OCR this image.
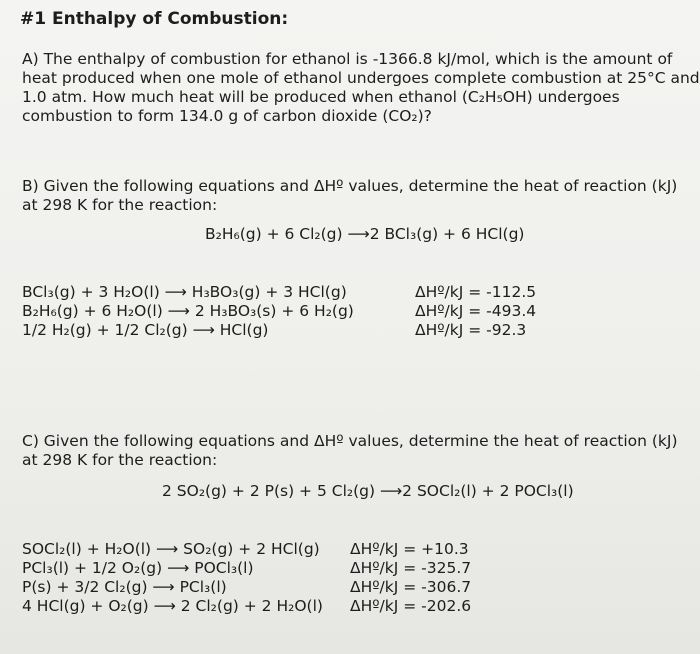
#1 Enthalpy of Combustion:
A) The enthalpy of combustion for ethanol is -1366.8 kJ/mol, which is the amount of
heat produced when one mole of ethanol undergoes complete combustion at 25°C and
1.0 atm. How much heat will be produced when ethanol (C₂H₅OH) undergoes
combustion to form 134.0 g of carbon dioxide (CO₂)?
B) Given the following equations and ΔHº values, determine the heat of reaction (kJ)
at 298 K for the reaction:
B₂H₆(g) + 6 Cl₂(g) ⟶2 BCl₃(g) + 6 HCl(g)
BCl₃(g) + 3 H₂O(l) ⟶ H₃BO₃(g) + 3 HCl(g)	ΔHº/kJ = -112.5
B₂H₆(g) + 6 H₂O(l) ⟶ 2 H₃BO₃(s) + 6 H₂(g)	ΔHº/kJ = -493.4
1/2 H₂(g) + 1/2 Cl₂(g) ⟶ HCl(g)	ΔHº/kJ = -92.3
C) Given the following equations and ΔHº values, determine the heat of reaction (kJ)
at 298 K for the reaction:
2 SO₂(g) + 2 P(s) + 5 Cl₂(g) ⟶2 SOCl₂(l) + 2 POCl₃(l)
SOCl₂(l) + H₂O(l) ⟶ SO₂(g) + 2 HCl(g) ΔHº/kJ = +10.3
PCl₃(l) + 1/2 O₂(g) ⟶ POCl₃(l)	ΔHº/kJ = -325.7
P(s) + 3/2 Cl₂(g) ⟶ PCl₃(l)	ΔHº/kJ = -306.7
4 HCl(g) + O₂(g) ⟶ 2 Cl₂(g) + 2 H₂O(l) ΔHº/kJ = -202.6
